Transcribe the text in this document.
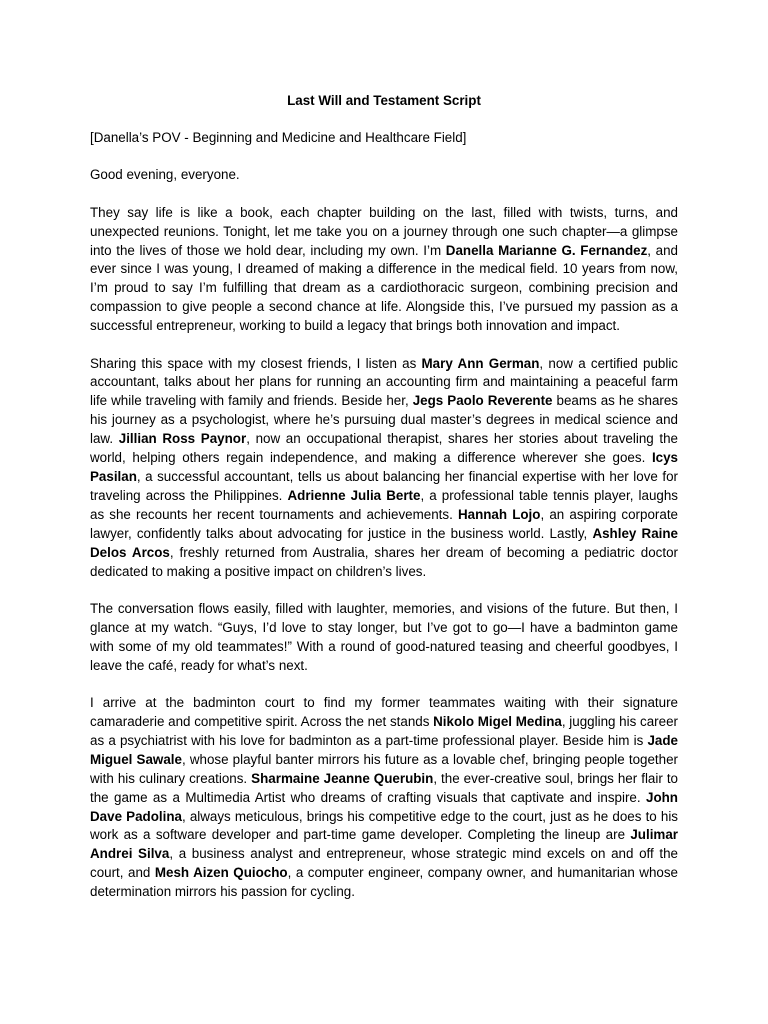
Last Will and Testament Script

[Danella’s POV - Beginning and Medicine and Healthcare Field]

Good evening, everyone.

They say life is like a book, each chapter building on the last, filled with twists, turns, and unexpected reunions. Tonight, let me take you on a journey through one such chapter—a glimpse into the lives of those we hold dear, including my own. I’m Danella Marianne G. Fernandez, and ever since I was young, I dreamed of making a difference in the medical field. 10 years from now, I’m proud to say I’m fulfilling that dream as a cardiothoracic surgeon, combining precision and compassion to give people a second chance at life. Alongside this, I’ve pursued my passion as a successful entrepreneur, working to build a legacy that brings both innovation and impact.

Sharing this space with my closest friends, I listen as Mary Ann German, now a certified public accountant, talks about her plans for running an accounting firm and maintaining a peaceful farm life while traveling with family and friends. Beside her, Jegs Paolo Reverente beams as he shares his journey as a psychologist, where he’s pursuing dual master’s degrees in medical science and law. Jillian Ross Paynor, now an occupational therapist, shares her stories about traveling the world, helping others regain independence, and making a difference wherever she goes. Icys Pasilan, a successful accountant, tells us about balancing her financial expertise with her love for traveling across the Philippines. Adrienne Julia Berte, a professional table tennis player, laughs as she recounts her recent tournaments and achievements. Hannah Lojo, an aspiring corporate lawyer, confidently talks about advocating for justice in the business world. Lastly, Ashley Raine Delos Arcos, freshly returned from Australia, shares her dream of becoming a pediatric doctor dedicated to making a positive impact on children’s lives.

The conversation flows easily, filled with laughter, memories, and visions of the future. But then, I glance at my watch. “Guys, I’d love to stay longer, but I’ve got to go—I have a badminton game with some of my old teammates!” With a round of good-natured teasing and cheerful goodbyes, I leave the café, ready for what’s next.

I arrive at the badminton court to find my former teammates waiting with their signature camaraderie and competitive spirit. Across the net stands Nikolo Migel Medina, juggling his career as a psychiatrist with his love for badminton as a part-time professional player. Beside him is Jade Miguel Sawale, whose playful banter mirrors his future as a lovable chef, bringing people together with his culinary creations. Sharmaine Jeanne Querubin, the ever-creative soul, brings her flair to the game as a Multimedia Artist who dreams of crafting visuals that captivate and inspire. John Dave Padolina, always meticulous, brings his competitive edge to the court, just as he does to his work as a software developer and part-time game developer. Completing the lineup are Julimar Andrei Silva, a business analyst and entrepreneur, whose strategic mind excels on and off the court, and Mesh Aizen Quiocho, a computer engineer, company owner, and humanitarian whose determination mirrors his passion for cycling.
